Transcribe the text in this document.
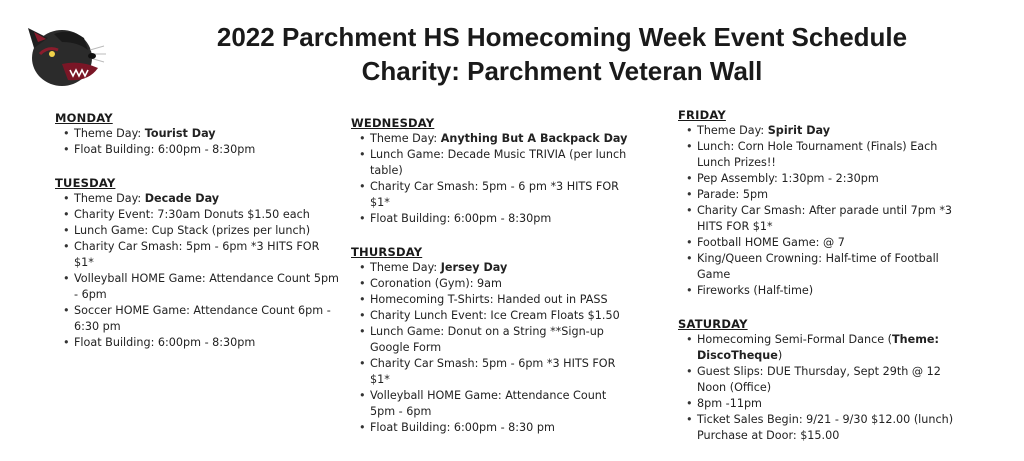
2022 Parchment HS Homecoming Week Event Schedule
Charity: Parchment Veteran Wall
MONDAY
• Theme Day: Tourist Day
• Float Building: 6:00pm - 8:30pm
TUESDAY
• Theme Day: Decade Day
• Charity Event: 7:30am Donuts $1.50 each
• Lunch Game: Cup Stack (prizes per lunch)
• Charity Car Smash: 5pm - 6pm *3 HITS FOR $1*
• Volleyball HOME Game: Attendance Count 5pm - 6pm
• Soccer HOME Game: Attendance Count 6pm - 6:30 pm
• Float Building: 6:00pm - 8:30pm
WEDNESDAY
• Theme Day: Anything But A Backpack Day
• Lunch Game: Decade Music TRIVIA (per lunch table)
• Charity Car Smash: 5pm - 6 pm *3 HITS FOR $1*
• Float Building: 6:00pm - 8:30pm
THURSDAY
• Theme Day: Jersey Day
• Coronation (Gym): 9am
• Homecoming T-Shirts: Handed out in PASS
• Charity Lunch Event: Ice Cream Floats $1.50
• Lunch Game: Donut on a String **Sign-up Google Form
• Charity Car Smash: 5pm - 6pm *3 HITS FOR $1*
• Volleyball HOME Game: Attendance Count 5pm - 6pm
• Float Building: 6:00pm - 8:30 pm
FRIDAY
• Theme Day: Spirit Day
• Lunch: Corn Hole Tournament (Finals) Each Lunch Prizes!!
• Pep Assembly: 1:30pm - 2:30pm
• Parade: 5pm
• Charity Car Smash: After parade until 7pm *3 HITS FOR $1*
• Football HOME Game: @ 7
• King/Queen Crowning: Half-time of Football Game
• Fireworks (Half-time)
SATURDAY
• Homecoming Semi-Formal Dance (Theme: DiscoTheque)
• Guest Slips: DUE Thursday, Sept 29th @ 12 Noon (Office)
• 8pm -11pm
• Ticket Sales Begin: 9/21 - 9/30 $12.00 (lunch) Purchase at Door: $15.00
